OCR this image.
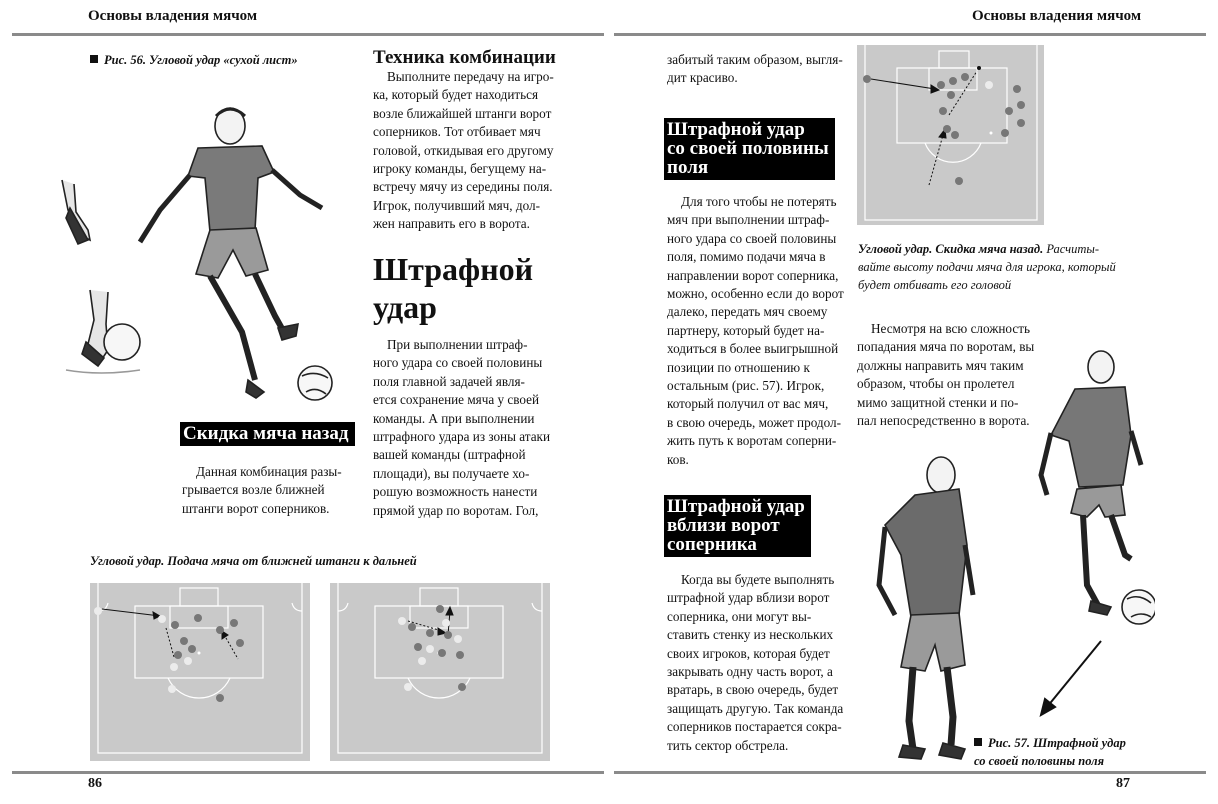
Основы владения мячом
Рис. 56. Угловой удар «сухой лист»	Техника комбинации

Выполните передачу на игро-

ка, который будет находиться

возле ближайшей штанги ворот

соперников. Тот отбивает мяч

головой, откидывая его другому

игроку команды, бегущему на-

встречу мячу из середины поля.

Игрок, получивший мяч, дол-

жен направить его в ворота.

Штрафной
удар

При выполнении штраф-

ного удара со своей половины

поля главной задачей явля-

ется сохранение мяча у своей

команды. А при выполнении

штрафного удара из зоны атаки

вашей команды (штрафной

площади), вы получаете хо-

рошую возможность нанести

прямой удар по воротам. Гол,

Скидка мяча назад

Данная комбинация разы-

грывается возле ближней

штанги ворот соперников.

Угловой удар. Подача мяча от ближней штанги к дальней
86
Основы владения мячом

забитый таким образом, выгля-

дит красиво.

Штрафной удар
со своей половины
поля

Для того чтобы не потерять

мяч при выполнении штраф-

ного удара со своей половины

поля, помимо подачи мяча в

направлении ворот соперника,

можно, особенно если до ворот

далеко, передать мяч своему

партнеру, который будет на-

ходиться в более выигрышной

позиции по отношению к

остальным (рис. 57). Игрок,

который получил от вас мяч,

в свою очередь, может продол-

жить путь к воротам соперни-

ков.

Штрафной удар
вблизи ворот
соперника

Когда вы будете выполнять

штрафной удар вблизи ворот

соперника, они могут вы-

ставить стенку из нескольких

своих игроков, которая будет

закрывать одну часть ворот, а

вратарь, в свою очередь, будет

защищать другую. Так команда

соперников постарается сокра-

тить сектор обстрела.

Угловой удар. Скидка мяча назад. Расчиты-
вайте высоту подачи мяча для игрока, который
будет отбивать его головой

Несмотря на всю сложность

попадания мяча по воротам, вы

должны направить мяч таким

образом, чтобы он пролетел

мимо защитной стенки и по-

пал непосредственно в ворота.

Рис. 57. Штрафной удар
со своей половины поля
87
